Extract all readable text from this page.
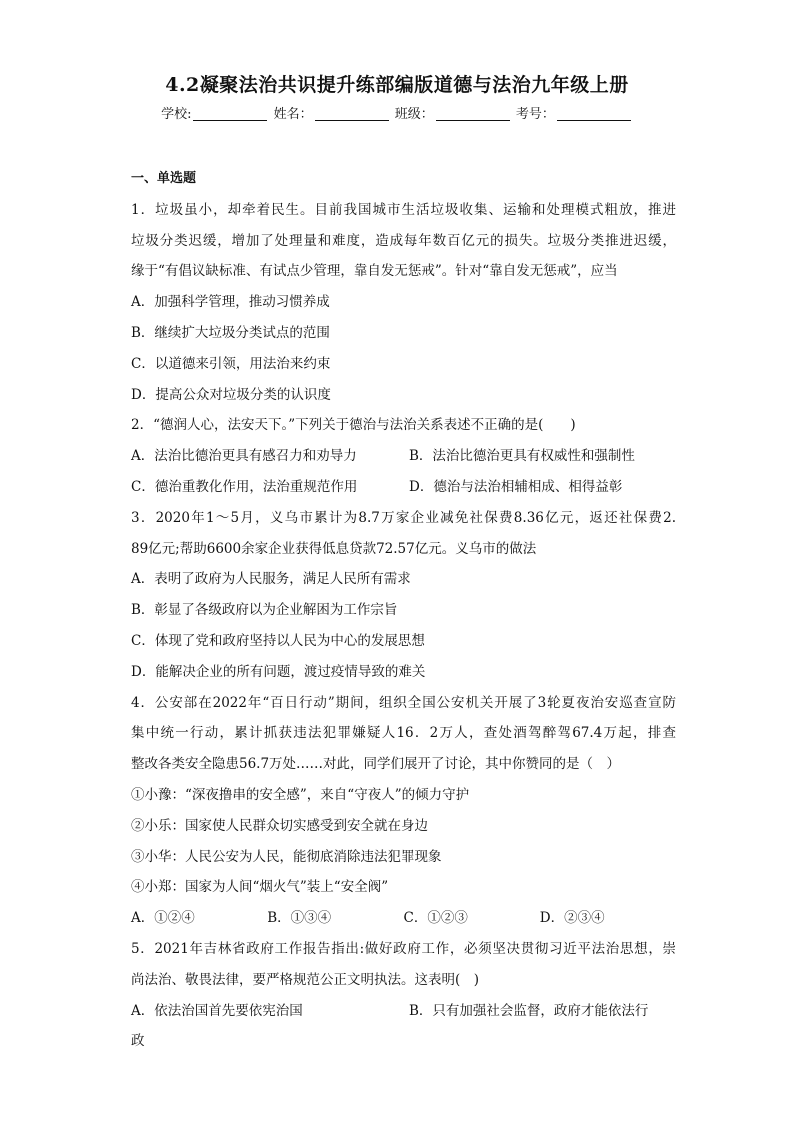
4.2凝聚法治共识提升练部编版道德与法治九年级上册
学校:	姓名：	班级：	考号：
一、单选题
1．垃圾虽小，却牵着民生。目前我国城市生活垃圾收集、运输和处理模式粗放，推进
垃圾分类迟缓，增加了处理量和难度，造成每年数百亿元的损失。垃圾分类推进迟缓，
缘于“有倡议缺标准、有试点少管理，靠自发无惩戒”。针对“靠自发无惩戒”，应当
A．加强科学管理，推动习惯养成
B．继续扩大垃圾分类试点的范围
C．以道德来引领，用法治来约束
D．提高公众对垃圾分类的认识度
2．“德润人心，法安天下。”下列关于德治与法治关系表述不正确的是(　　)
A．法治比德治更具有感召力和劝导力	B．法治比德治更具有权威性和强制性
C．德治重教化作用，法治重规范作用	D．德治与法治相辅相成、相得益彰
3．2020年1～5月，义乌市累计为8.7万家企业减免社保费8.36亿元，返还社保费2.
89亿元;帮助6600余家企业获得低息贷款72.57亿元。义乌市的做法
A．表明了政府为人民服务，满足人民所有需求
B．彰显了各级政府以为企业解困为工作宗旨
C．体现了党和政府坚持以人民为中心的发展思想
D．能解决企业的所有问题，渡过疫情导致的难关
4．公安部在2022年“百日行动”期间，组织全国公安机关开展了3轮夏夜治安巡查宣防
集中统一行动，累计抓获违法犯罪嫌疑人16．2万人，查处酒驾醉驾67.4万起，排查
整改各类安全隐患56.7万处……对此，同学们展开了讨论，其中你赞同的是（　）
①小豫：“深夜撸串的安全感”，来自“守夜人”的倾力守护
②小乐：国家使人民群众切实感受到安全就在身边
③小华：人民公安为人民，能彻底消除违法犯罪现象
④小郑：国家为人间“烟火气”装上“安全阀”
A．①②④	B．①③④	C．①②③	D．②③④
5．2021年吉林省政府工作报告指出:做好政府工作，必须坚决贯彻习近平法治思想，崇
尚法治、敬畏法律，要严格规范公正文明执法。这表明(　)
A．依法治国首先要依宪治国	B．只有加强社会监督，政府才能依法行
政
